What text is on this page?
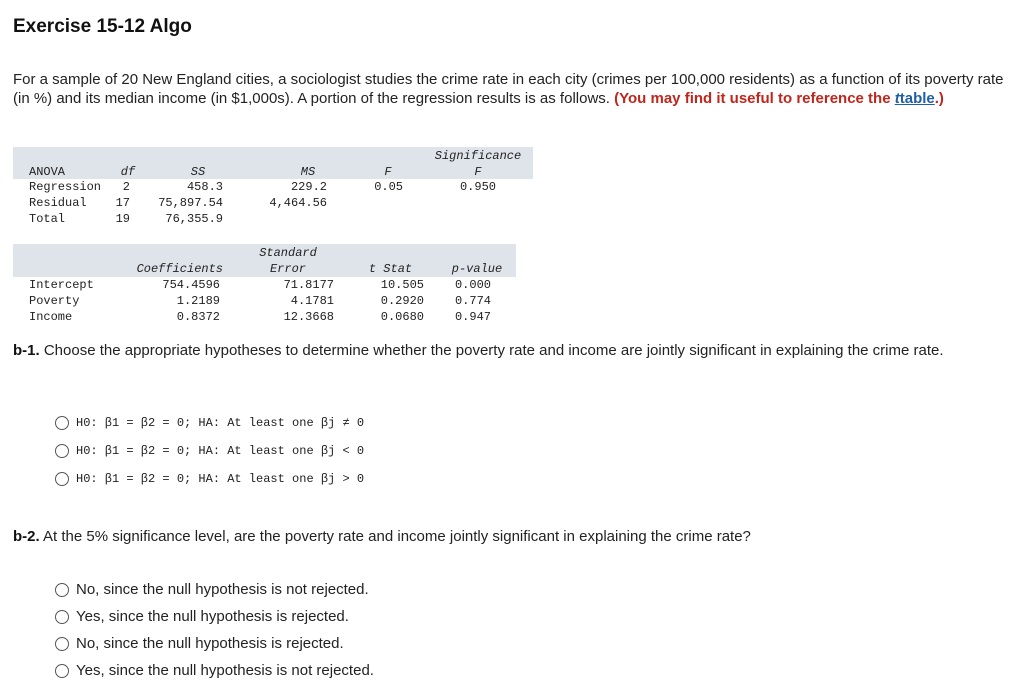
Exercise 15-12 Algo
For a sample of 20 New England cities, a sociologist studies the crime rate in each city (crimes per 100,000 residents) as a function of its poverty rate (in %) and its median income (in $1,000s). A portion of the regression results is as follows. (You may find it useful to reference the ttable.)
Significance
ANOVA	df	SS	MS	F	F
Regression	2	458.3	229.2	0.05	0.950
Residual	17	75,897.54	4,464.56
Total	19	76,355.9
Standard
Coefficients	Error	t Stat	p-value
Intercept	754.4596	71.8177	10.505	0.000
Poverty	1.2189	4.1781	0.2920	0.774
Income	0.8372	12.3668	0.0680	0.947
b-1. Choose the appropriate hypotheses to determine whether the poverty rate and income are jointly significant in explaining the crime rate.
H0: β1 = β2 = 0; HA: At least one βj ≠ 0
H0: β1 = β2 = 0; HA: At least one βj < 0
H0: β1 = β2 = 0; HA: At least one βj > 0
b-2. At the 5% significance level, are the poverty rate and income jointly significant in explaining the crime rate?
No, since the null hypothesis is not rejected.
Yes, since the null hypothesis is rejected.
No, since the null hypothesis is rejected.
Yes, since the null hypothesis is not rejected.
